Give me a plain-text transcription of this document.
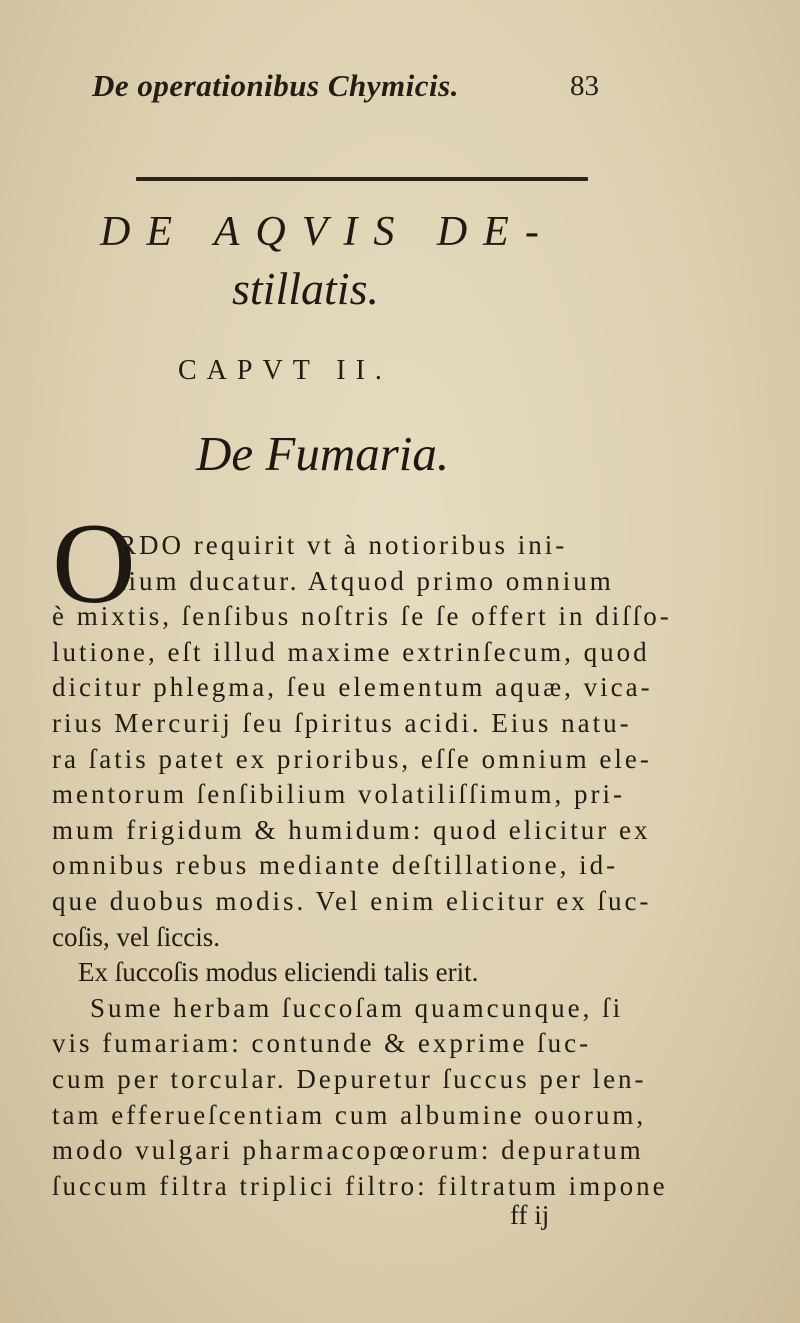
De operationibus Chymicis.	83
DE AQVIS DE-
stillatis.
CAPVT II.
De Fumaria.
O
RDO requirit vt à notioribus ini-
tium ducatur. Atquod primo omnium
è mixtis, ſenſibus noſtris ſe ſe offert in diſſo-
lutione, eſt illud maxime extrinſecum, quod
dicitur phlegma, ſeu elementum aquæ, vica-
rius Mercurij ſeu ſpiritus acidi. Eius natu-
ra ſatis patet ex prioribus, eſſe omnium ele-
mentorum ſenſibilium volatiliſſimum, pri-
mum frigidum & humidum: quod elicitur ex
omnibus rebus mediante deſtillatione, id-
que duobus modis. Vel enim elicitur ex ſuc-
coſis, vel ſiccis.
Ex ſuccoſis modus eliciendi talis erit.
Sume herbam ſuccoſam quamcunque, ſi
vis fumariam: contunde & exprime ſuc-
cum per torcular. Depuretur ſuccus per len-
tam efferueſcentiam cum albumine ouorum,
modo vulgari pharmacopœorum: depuratum
ſuccum filtra triplici filtro: filtratum impone
ff ij
